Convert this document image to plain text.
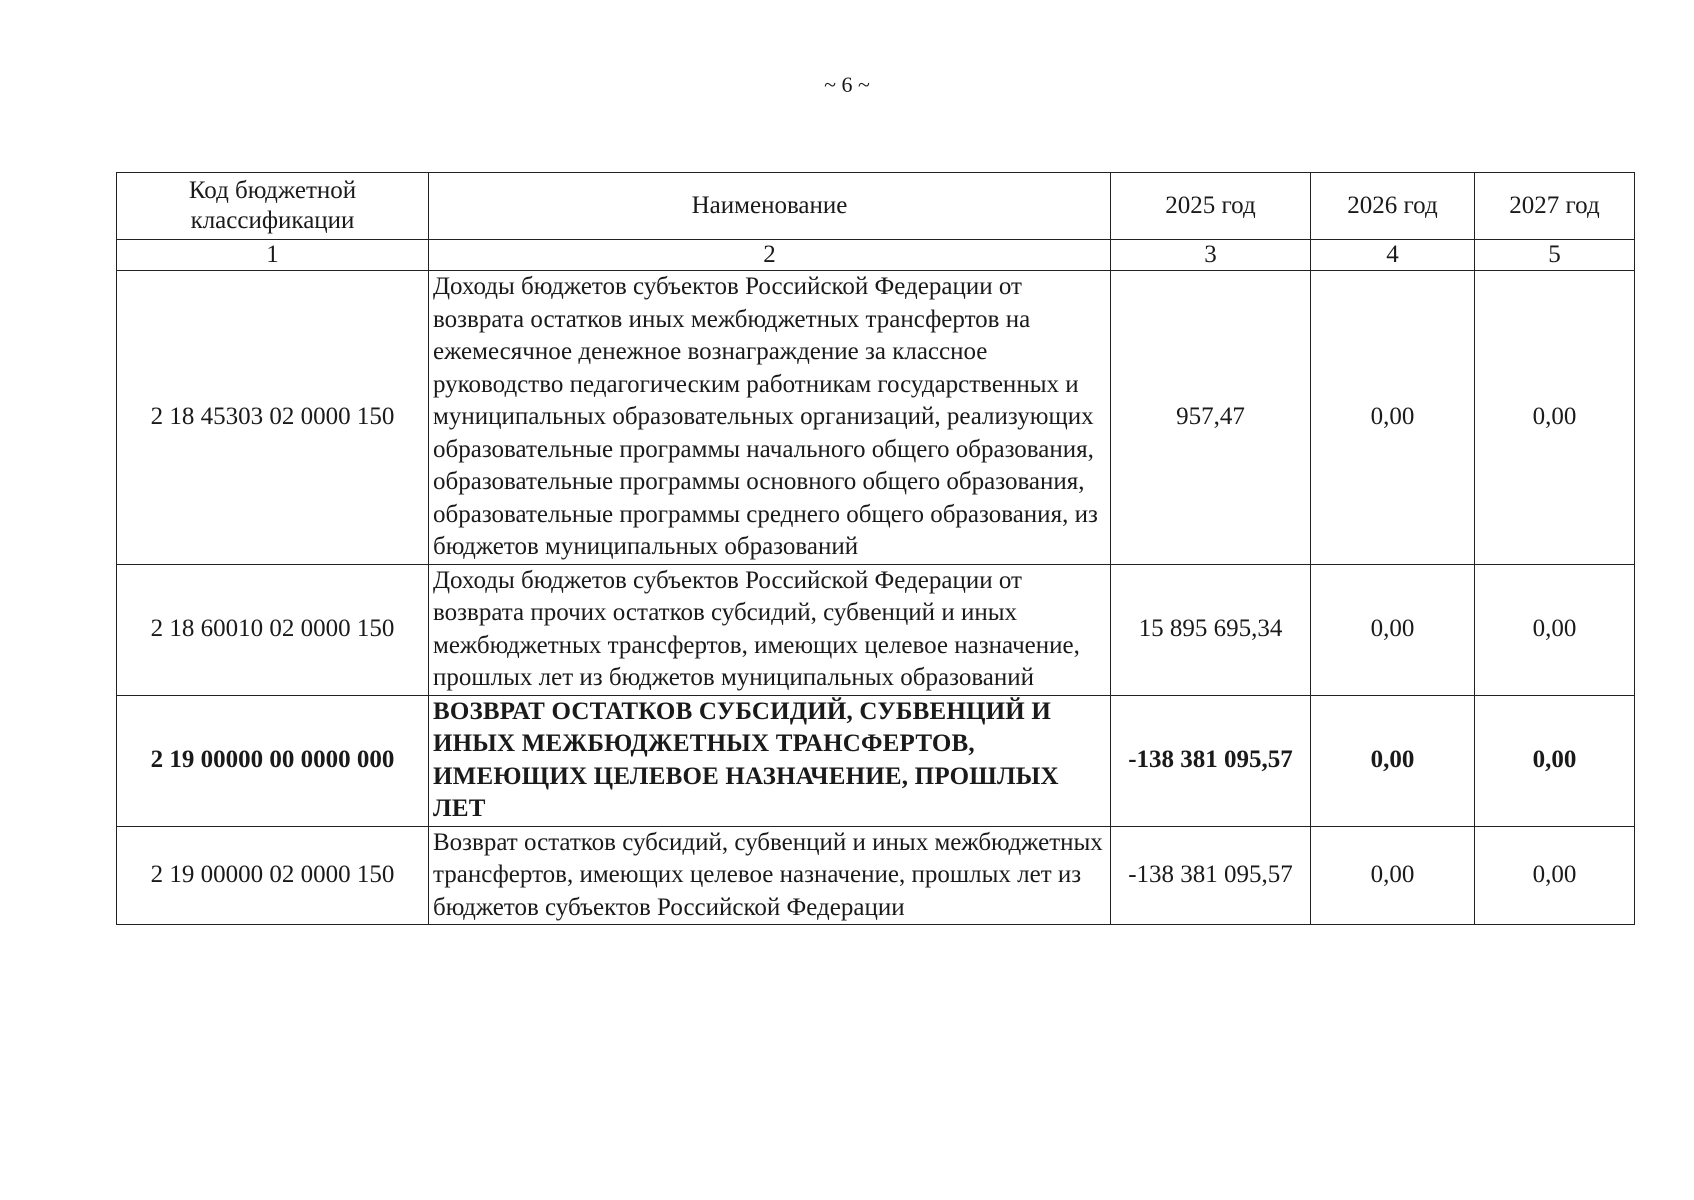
~ 6 ~
Код бюджетной классификации	Наименование	2025 год	2026 год	2027 год
1	2	3	4	5
2 18 45303 02 0000 150	Доходы бюджетов субъектов Российской Федерации от возврата остатков иных межбюджетных трансфертов на ежемесячное денежное вознаграждение за классное руководство педагогическим работникам государственных и муниципальных образовательных организаций, реализующих образовательные программы начального общего образования, образовательные программы основного общего образования, образовательные программы среднего общего образования, из бюджетов муниципальных образований	957,47	0,00	0,00
2 18 60010 02 0000 150	Доходы бюджетов субъектов Российской Федерации от возврата прочих остатков субсидий, субвенций и иных межбюджетных трансфертов, имеющих целевое назначение, прошлых лет из бюджетов муниципальных образований	15 895 695,34	0,00	0,00
2 19 00000 00 0000 000	ВОЗВРАТ ОСТАТКОВ СУБСИДИЙ, СУБВЕНЦИЙ И ИНЫХ МЕЖБЮДЖЕТНЫХ ТРАНСФЕРТОВ, ИМЕЮЩИХ ЦЕЛЕВОЕ НАЗНАЧЕНИЕ, ПРОШЛЫХ ЛЕТ	-138 381 095,57	0,00	0,00
2 19 00000 02 0000 150	Возврат остатков субсидий, субвенций и иных межбюджетных трансфертов, имеющих целевое назначение, прошлых лет из бюджетов субъектов Российской Федерации	-138 381 095,57	0,00	0,00
